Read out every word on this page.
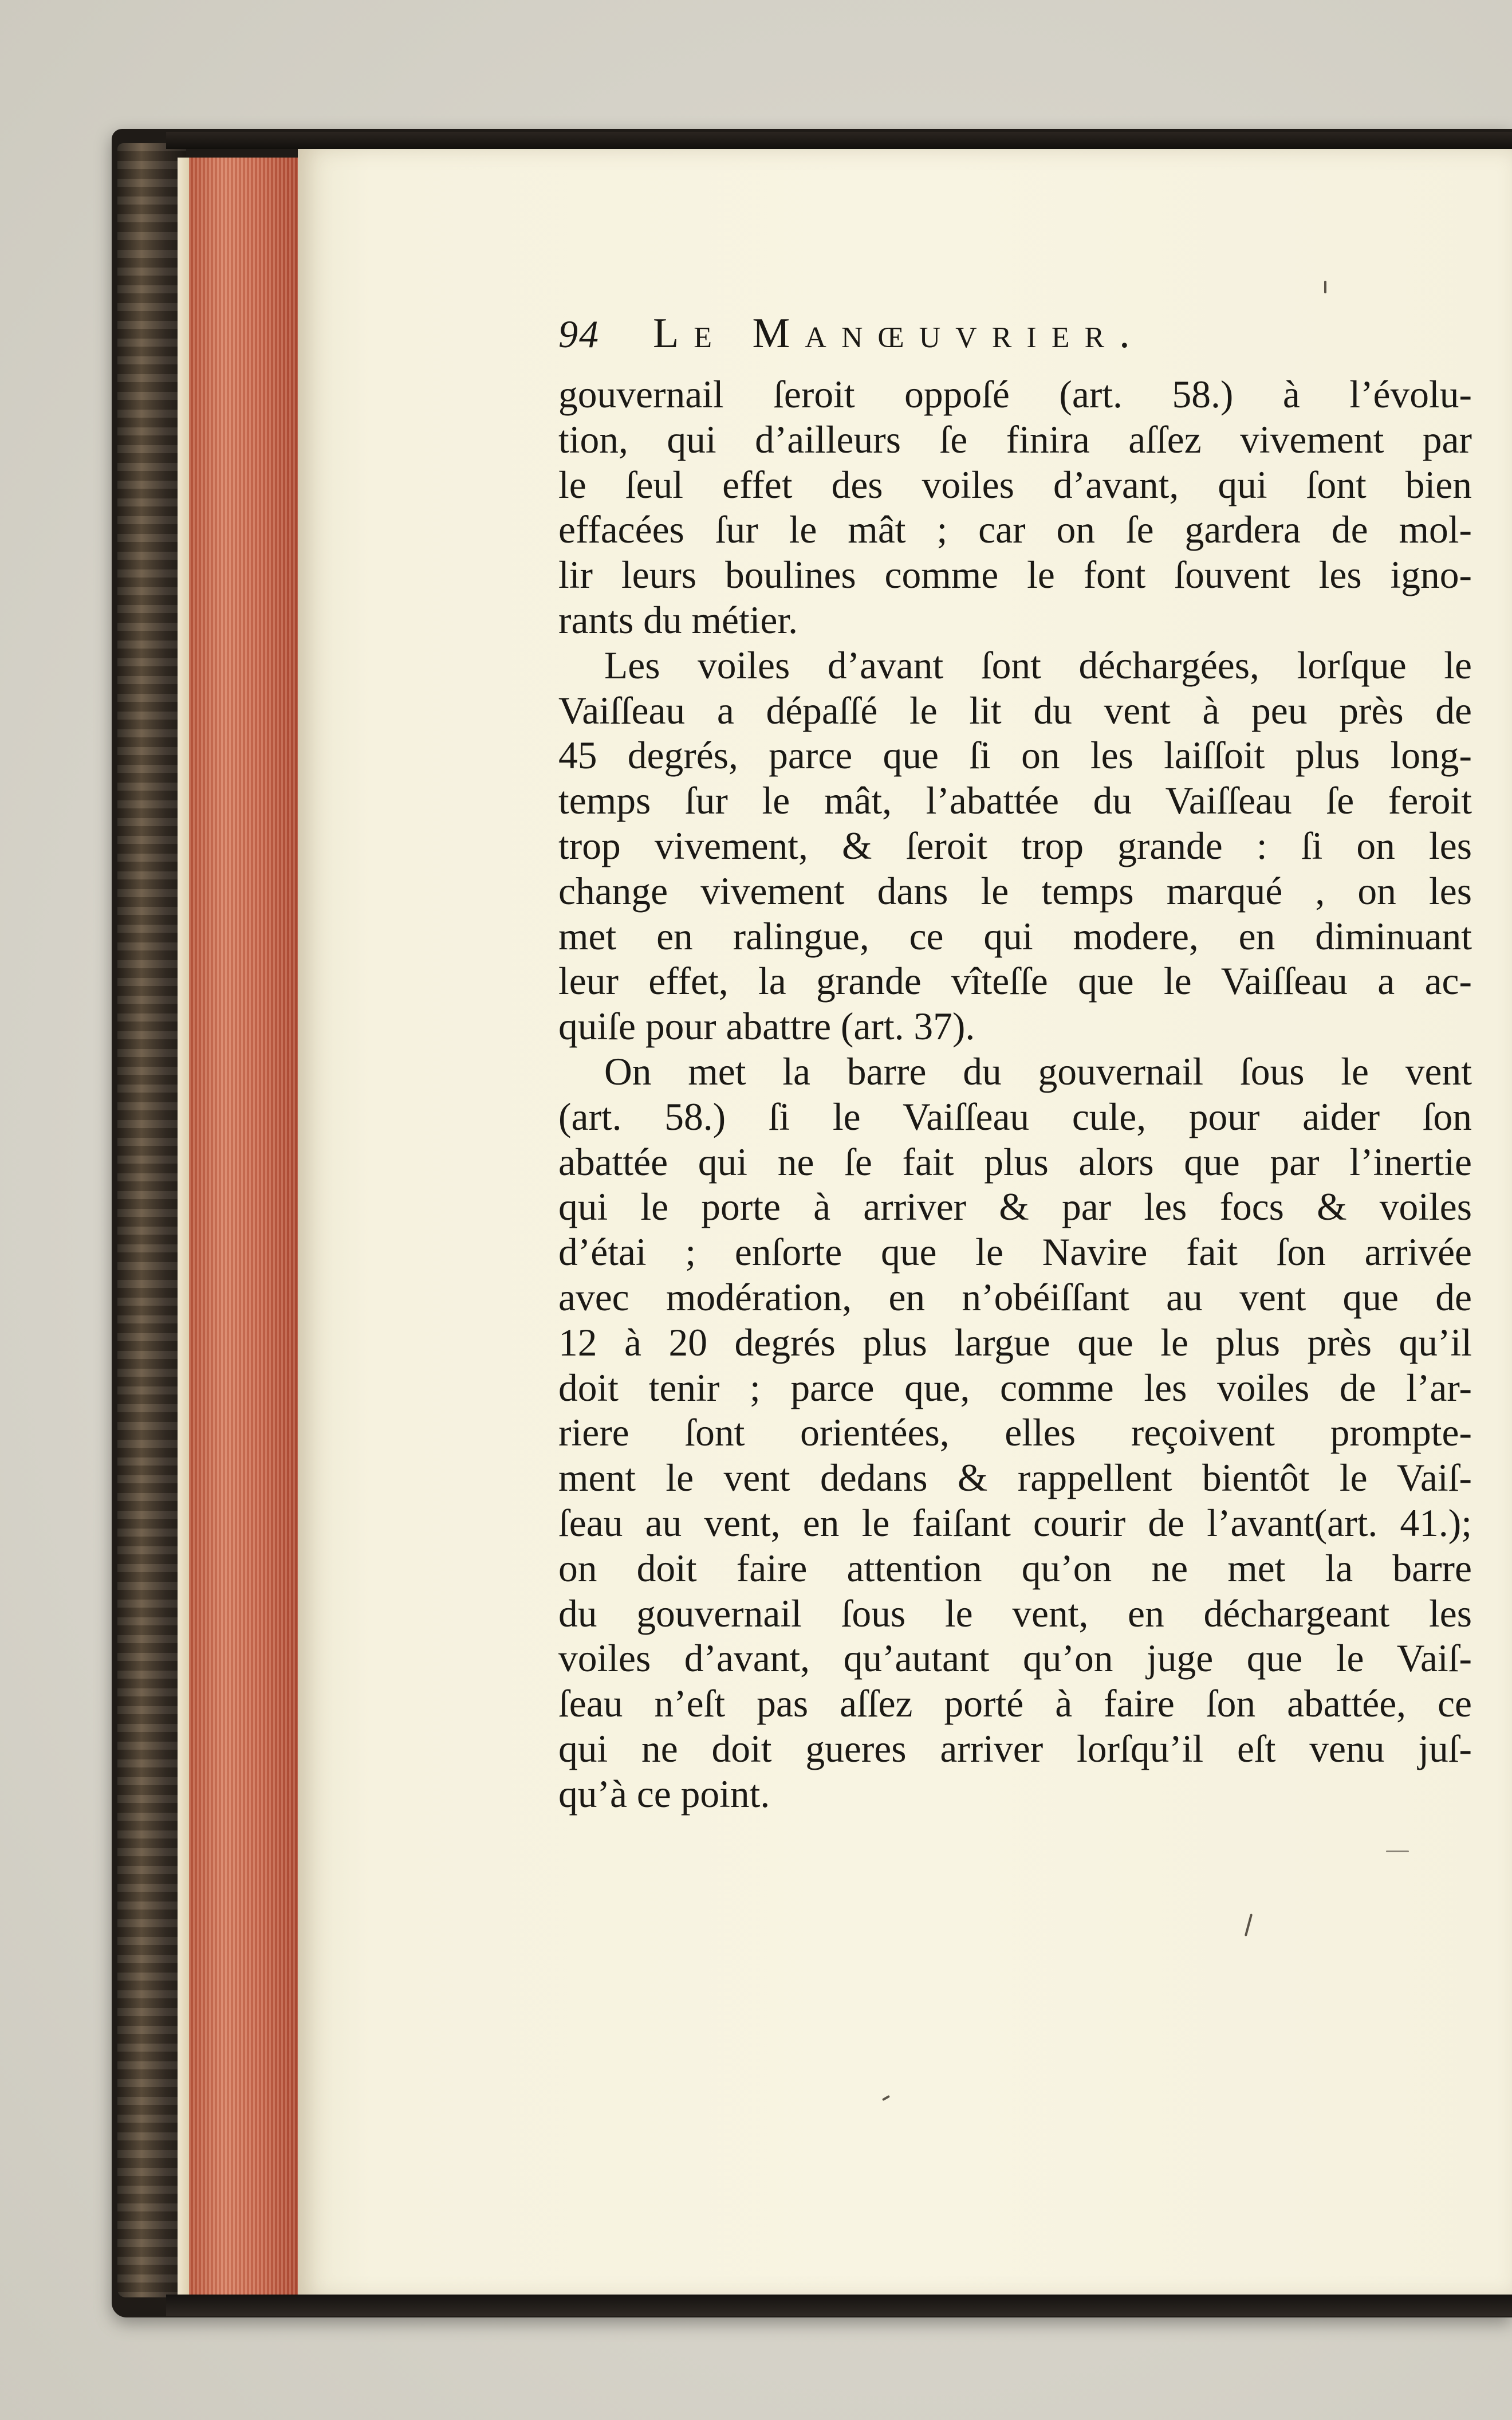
94	Le Manœuvrier.
gouvernail ſeroit oppoſé (art. 58.) à l’évolu-
tion, qui d’ailleurs ſe finira aſſez vivement par
le ſeul effet des voiles d’avant, qui ſont bien
effacées ſur le mât ; car on ſe gardera de mol-
lir leurs boulines comme le font ſouvent les igno-
rants du métier.
Les voiles d’avant ſont déchargées, lorſque le
Vaiſſeau a dépaſſé le lit du vent à peu près de
45 degrés, parce que ſi on les laiſſoit plus long-
temps ſur le mât, l’abattée du Vaiſſeau ſe feroit
trop vivement, & ſeroit trop grande : ſi on les
change vivement dans le temps marqué , on les
met en ralingue, ce qui modere, en diminuant
leur effet, la grande vîteſſe que le Vaiſſeau a ac-
quiſe pour abattre (art. 37).
On met la barre du gouvernail ſous le vent
(art. 58.) ſi le Vaiſſeau cule, pour aider ſon
abattée qui ne ſe fait plus alors que par l’inertie
qui le porte à arriver & par les focs & voiles
d’étai ; enſorte que le Navire fait ſon arrivée
avec modération, en n’obéiſſant au vent que de
12 à 20 degrés plus largue que le plus près qu’il
doit tenir ; parce que, comme les voiles de l’ar-
riere ſont orientées, elles reçoivent prompte-
ment le vent dedans & rappellent bientôt le Vaiſ-
ſeau au vent, en le faiſant courir de l’avant(art. 41.);
on doit faire attention qu’on ne met la barre
du gouvernail ſous le vent, en déchargeant les
voiles d’avant, qu’autant qu’on juge que le Vaiſ-
ſeau n’eſt pas aſſez porté à faire ſon abattée, ce
qui ne doit gueres arriver lorſqu’il eſt venu juſ-
qu’à ce point.
